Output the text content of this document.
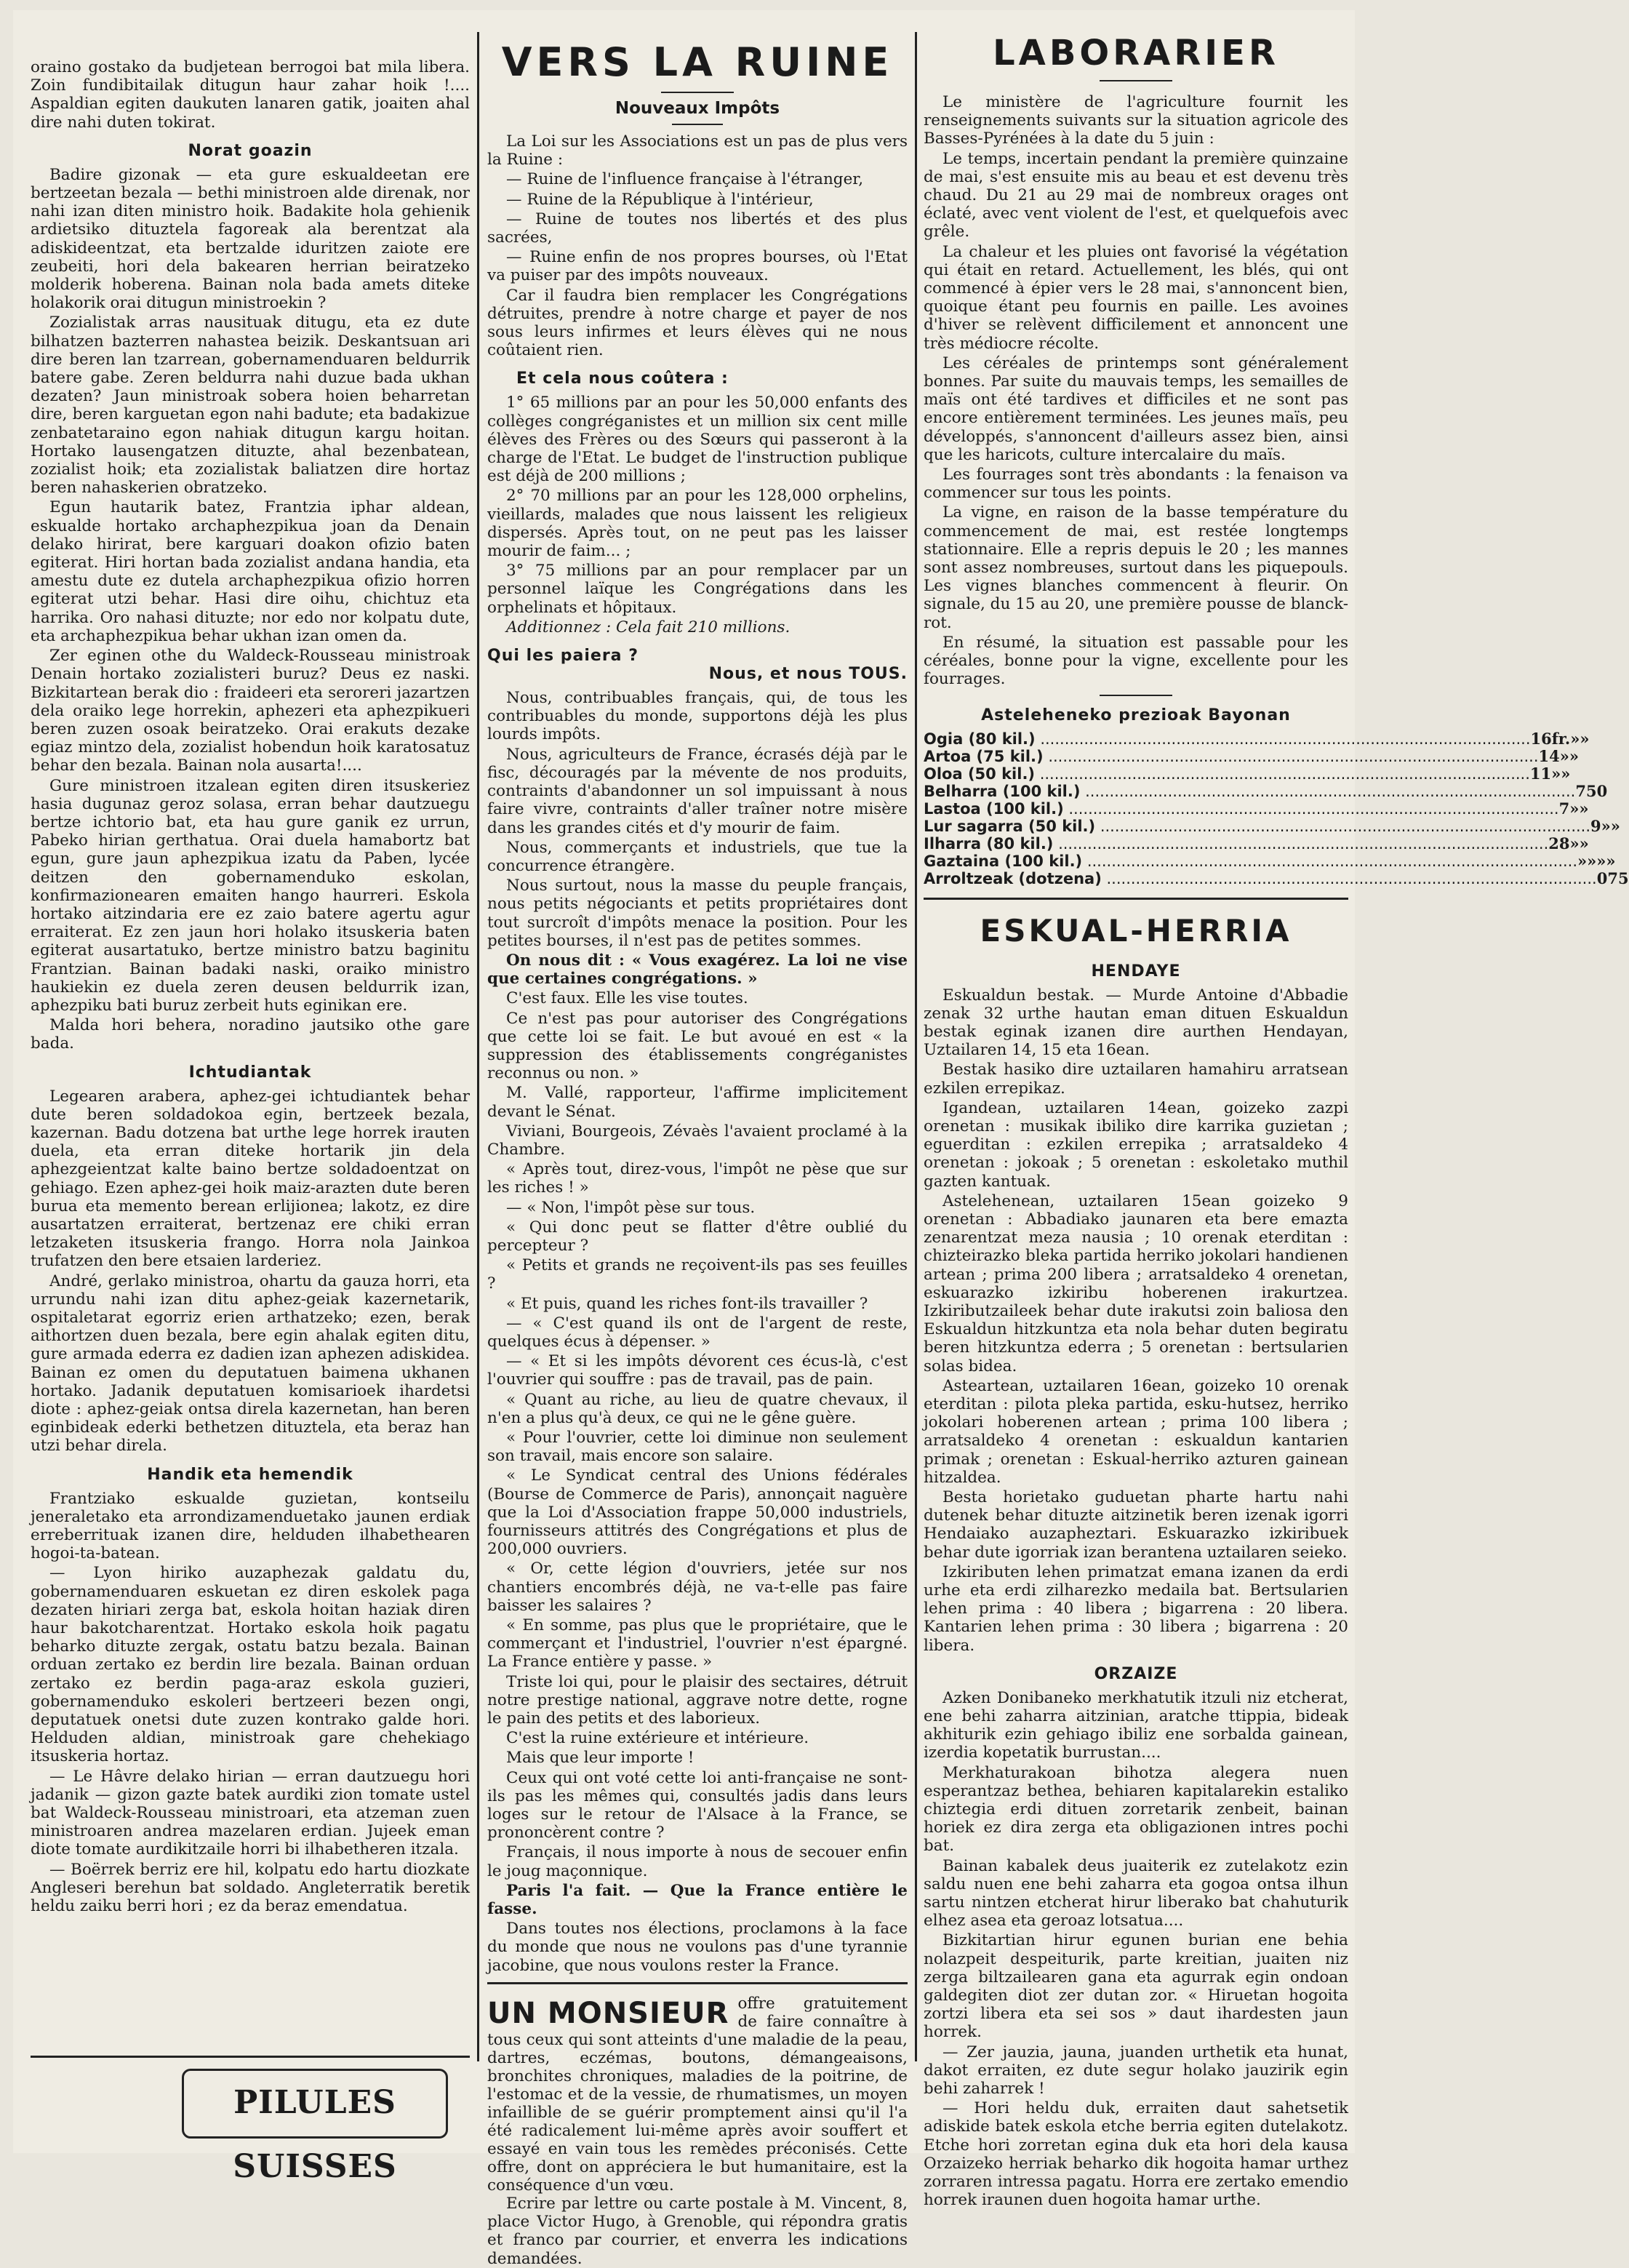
oraino gostako da budjetean berrogoi bat mila libera. Zoin fundibitailak ditugun haur zahar hoik !.... Aspaldian egiten daukuten lanaren gatik, joaiten ahal dire nahi duten tokirat.

Norat goazin

Badire gizonak — eta gure eskualdeetan ere bertzeetan bezala — bethi ministroen alde direnak, nor nahi izan diten ministro hoik. Badakite hola gehienik ardietsiko dituztela fagoreak ala berentzat ala adiskideentzat, eta bertzalde iduritzen zaiote ere zeubeiti, hori dela bakearen herrian beiratzeko molderik hoberena. Bainan nola bada amets diteke holakorik orai ditugun ministroekin ?

Zozialistak arras nausituak ditugu, eta ez dute bilhatzen bazterren nahastea beizik. Deskantsuan ari dire beren lan tzarrean, gobernamenduaren beldurrik batere gabe. Zeren beldurra nahi duzue bada ukhan dezaten? Jaun ministroak sobera hoien beharretan dire, beren karguetan egon nahi badute; eta badakizue zenbatetaraino egon nahiak ditugun kargu hoitan. Hortako lausengatzen dituzte, ahal bezenbatean, zozialist hoik; eta zozialistak baliatzen dire hortaz beren nahaskerien obratzeko.

Egun hautarik batez, Frantzia iphar aldean, eskualde hortako archaphezpikua joan da Denain delako hirirat, bere karguari doakon ofizio baten egiterat. Hiri hortan bada zozialist andana handia, eta amestu dute ez dutela archaphezpikua ofizio horren egiterat utzi behar. Hasi dire oihu, chichtuz eta harrika. Oro nahasi dituzte; nor edo nor kolpatu dute, eta archaphezpikua behar ukhan izan omen da.

Zer eginen othe du Waldeck-Rousseau ministroak Denain hortako zozialisteri buruz? Deus ez naski. Bizkitartean berak dio : fraideeri eta seroreri jazartzen dela oraiko lege horrekin, aphezeri eta aphezpikueri beren zuzen osoak beiratzeko. Orai erakuts dezake egiaz mintzo dela, zozialist hobendun hoik karatosatuz behar den bezala. Bainan nola ausarta!....

Gure ministroen itzalean egiten diren itsuskeriez hasia dugunaz geroz solasa, erran behar dautzuegu bertze ichtorio bat, eta hau gure ganik ez urrun, Pabeko hirian gerthatua. Orai duela hamabortz bat egun, gure jaun aphezpikua izatu da Paben, lycée deitzen den gobernamenduko eskolan, konfirmazionearen emaiten hango haurreri. Eskola hortako aitzindaria ere ez zaio batere agertu agur erraiterat. Ez zen jaun hori holako itsuskeria baten egiterat ausartatuko, bertze ministro batzu baginitu Frantzian. Bainan badaki naski, oraiko ministro haukiekin ez duela zeren deusen beldurrik izan, aphezpiku bati buruz zerbeit huts eginikan ere.

Malda hori behera, noradino jautsiko othe gare bada.

Ichtudiantak

Legearen arabera, aphez-gei ichtudiantek behar dute beren soldadokoa egin, bertzeek bezala, kazernan. Badu dotzena bat urthe lege horrek irauten duela, eta erran diteke hortarik jin dela aphezgeientzat kalte baino bertze soldadoentzat on gehiago. Ezen aphez-gei hoik maiz-arazten dute beren burua eta memento berean erlijionea; lakotz, ez dire ausartatzen erraiterat, bertzenaz ere chiki erran letzaketen itsuskeria frango. Horra nola Jainkoa trufatzen den bere etsaien larderiez.

André, gerlako ministroa, ohartu da gauza horri, eta urrundu nahi izan ditu aphez-geiak kazernetarik, ospitaletarat egorriz erien arthatzeko; ezen, berak aithortzen duen bezala, bere egin ahalak egiten ditu, gure armada ederra ez dadien izan aphezen adiskidea. Bainan ez omen du deputatuen baimena ukhanen hortako. Jadanik deputatuen komisarioek ihardetsi diote : aphez-geiak ontsa direla kazernetan, han beren eginbideak ederki bethetzen dituztela, eta beraz han utzi behar direla.

Handik eta hemendik

Frantziako eskualde guzietan, kontseilu jeneraletako eta arrondizamenduetako jaunen erdiak erreberrituak izanen dire, helduden ilhabethearen hogoi-ta-batean.

— Lyon hiriko auzaphezak galdatu du, gobernamenduaren eskuetan ez diren eskolek paga dezaten hiriari zerga bat, eskola hoitan haziak diren haur bakotcharentzat. Hortako eskola hoik pagatu beharko dituzte zergak, ostatu batzu bezala. Bainan orduan zertako ez berdin lire bezala. Bainan orduan zertako ez berdin paga-araz eskola guzieri, gobernamenduko eskoleri bertzeeri bezen ongi, deputatuek onetsi dute zuzen kontrako galde hori. Helduden aldian, ministroak gare chehekiago itsuskeria hortaz.

— Le Hâvre delako hirian — erran dautzuegu hori jadanik — gizon gazte batek aurdiki zion tomate ustel bat Waldeck-Rousseau ministroari, eta atzeman zuen ministroaren andrea mazelaren erdian. Jujeek eman diote tomate aurdikitzaile horri bi ilhabetheren itzala.

— Boërrek berriz ere hil, kolpatu edo hartu diozkate Angleseri berehun bat soldado. Angleterratik beretik heldu zaiku berri hori ; ez da beraz emendatua.

PILULES SUISSES
VERS LA RUINE
Nouveaux Impôts

La Loi sur les Associations est un pas de plus vers la Ruine :

— Ruine de l'influence française à l'étranger,

— Ruine de la République à l'intérieur,

— Ruine de toutes nos libertés et des plus sacrées,

— Ruine enfin de nos propres bourses, où l'Etat va puiser par des impôts nouveaux.

Car il faudra bien remplacer les Congrégations détruites, prendre à notre charge et payer de nos sous leurs infirmes et leurs élèves qui ne nous coûtaient rien.

Et cela nous coûtera :

1° 65 millions par an pour les 50,000 enfants des collèges congréganistes et un million six cent mille élèves des Frères ou des Sœurs qui passeront à la charge de l'Etat. Le budget de l'instruction publique est déjà de 200 millions ;

2° 70 millions par an pour les 128,000 orphelins, vieillards, malades que nous laissent les religieux dispersés. Après tout, on ne peut pas les laisser mourir de faim... ;

3° 75 millions par an pour remplacer par un personnel laïque les Congrégations dans les orphelinats et hôpitaux.

Additionnez : Cela fait 210 millions.

Qui les paiera ?
Nous, et nous TOUS.

Nous, contribuables français, qui, de tous les contribuables du monde, supportons déjà les plus lourds impôts.

Nous, agriculteurs de France, écrasés déjà par le fisc, découragés par la mévente de nos produits, contraints d'abandonner un sol impuissant à nous faire vivre, contraints d'aller traîner notre misère dans les grandes cités et d'y mourir de faim.

Nous, commerçants et industriels, que tue la concurrence étrangère.

Nous surtout, nous la masse du peuple français, nous petits négociants et petits propriétaires dont tout surcroît d'impôts menace la position. Pour les petites bourses, il n'est pas de petites sommes.

On nous dit : « Vous exagérez. La loi ne vise que certaines congrégations. »

C'est faux. Elle les vise toutes.

Ce n'est pas pour autoriser des Congrégations que cette loi se fait. Le but avoué en est « la suppression des établissements congréganistes reconnus ou non. »

M. Vallé, rapporteur, l'affirme implicitement devant le Sénat.

Viviani, Bourgeois, Zévaès l'avaient proclamé à la Chambre.

« Après tout, direz-vous, l'impôt ne pèse que sur les riches ! »

— « Non, l'impôt pèse sur tous.

« Qui donc peut se flatter d'être oublié du percepteur ?

« Petits et grands ne reçoivent-ils pas ses feuilles ?

« Et puis, quand les riches font-ils travailler ?

— « C'est quand ils ont de l'argent de reste, quelques écus à dépenser. »

— « Et si les impôts dévorent ces écus-là, c'est l'ouvrier qui souffre : pas de travail, pas de pain.

« Quant au riche, au lieu de quatre chevaux, il n'en a plus qu'à deux, ce qui ne le gêne guère.

« Pour l'ouvrier, cette loi diminue non seulement son travail, mais encore son salaire.

« Le Syndicat central des Unions fédérales (Bourse de Commerce de Paris), annonçait naguère que la Loi d'Association frappe 50,000 industriels, fournisseurs attitrés des Congrégations et plus de 200,000 ouvriers.

« Or, cette légion d'ouvriers, jetée sur nos chantiers encombrés déjà, ne va-t-elle pas faire baisser les salaires ?

« En somme, pas plus que le propriétaire, que le commerçant et l'industriel, l'ouvrier n'est épargné. La France entière y passe. »

Triste loi qui, pour le plaisir des sectaires, détruit notre prestige national, aggrave notre dette, rogne le pain des petits et des laborieux.

C'est la ruine extérieure et intérieure.

Mais que leur importe !

Ceux qui ont voté cette loi anti-française ne sont-ils pas les mêmes qui, consultés jadis dans leurs loges sur le retour de l'Alsace à la France, se prononcèrent contre ?

Français, il nous importe à nous de secouer enfin le joug maçonnique.

Paris l'a fait. — Que la France entière le fasse.

Dans toutes nos élections, proclamons à la face du monde que nous ne voulons pas d'une tyrannie jacobine, que nous voulons rester la France.

UN MONSIEUR offre gratuitement de faire connaître à tous ceux qui sont atteints d'une maladie de la peau, dartres, eczémas, boutons, démangeaisons, bronchites chroniques, maladies de la poitrine, de l'estomac et de la vessie, de rhumatismes, un moyen infaillible de se guérir promptement ainsi qu'il l'a été radicalement lui-même après avoir souffert et essayé en vain tous les remèdes préconisés. Cette offre, dont on appréciera le but humanitaire, est la conséquence d'un vœu.

Ecrire par lettre ou carte postale à M. Vincent, 8, place Victor Hugo, à Grenoble, qui répondra gratis et franco par courrier, et enverra les indications demandées.

LABORARIER

Le ministère de l'agriculture fournit les renseignements suivants sur la situation agricole des Basses-Pyrénées à la date du 5 juin :

Le temps, incertain pendant la première quinzaine de mai, s'est ensuite mis au beau et est devenu très chaud. Du 21 au 29 mai de nombreux orages ont éclaté, avec vent violent de l'est, et quelquefois avec grêle.

La chaleur et les pluies ont favorisé la végétation qui était en retard. Actuellement, les blés, qui ont commencé à épier vers le 28 mai, s'annoncent bien, quoique étant peu fournis en paille. Les avoines d'hiver se relèvent difficilement et annoncent une très médiocre récolte.

Les céréales de printemps sont généralement bonnes. Par suite du mauvais temps, les semailles de maïs ont été tardives et difficiles et ne sont pas encore entièrement terminées. Les jeunes maïs, peu développés, s'annoncent d'ailleurs assez bien, ainsi que les haricots, culture intercalaire du maïs.

Les fourrages sont très abondants : la fenaison va commencer sur tous les points.

La vigne, en raison de la basse température du commencement de mai, est restée longtemps stationnaire. Elle a repris depuis le 20 ; les mannes sont assez nombreuses, surtout dans les piquepouls. Les vignes blanches commencent à fleurir. On signale, du 15 au 20, une première pousse de blanck-rot.

En résumé, la situation est passable pour les céréales, bonne pour la vigne, excellente pour les fourrages.

Asteleheneko prezioak Bayonan
Ogia (80 kil.) .....	16 fr.»»
Artoa (75 kil.) .....	14 »»
Oloa (50 kil.) .....	11 »»
Belharra (100 kil.) .....	7 50
Lastoa (100 kil.) .....	7 »»
Lur sagarra (50 kil.) .....	9 »»
Ilharra (80 kil.) .....	28 »»
Gaztaina (100 kil.) .....	»» »»
Arroltzeak (dotzena) .....	0 75
ESKUAL-HERRIA
HENDAYE

Eskualdun bestak. — Murde Antoine d'Abbadie zenak 32 urthe hautan eman dituen Eskualdun bestak eginak izanen dire aurthen Hendayan, Uztailaren 14, 15 eta 16ean.

Bestak hasiko dire uztailaren hamahiru arratsean ezkilen errepikaz.

Igandean, uztailaren 14ean, goizeko zazpi orenetan : musikak ibiliko dire karrika guzietan ; eguerditan : ezkilen errepika ; arratsaldeko 4 orenetan : jokoak ; 5 orenetan : eskoletako muthil gazten kantuak.

Astelehenean, uztailaren 15ean goizeko 9 orenetan : Abbadiako jaunaren eta bere emazta zenarentzat meza nausia ; 10 orenak eterditan : chizteirazko bleka partida herriko jokolari handienen artean ; prima 200 libera ; arratsaldeko 4 orenetan, eskuarazko izkiribu hoberenen irakurtzea. Izkiributzaileek behar dute irakutsi zoin baliosa den Eskualdun hitzkuntza eta nola behar duten begiratu beren hitzkuntza ederra ; 5 orenetan : bertsularien solas bidea.

Asteartean, uztailaren 16ean, goizeko 10 orenak eterditan : pilota pleka partida, esku-hutsez, herriko jokolari hoberenen artean ; prima 100 libera ; arratsaldeko 4 orenetan : eskualdun kantarien primak ; orenetan : Eskual-herriko azturen gainean hitzaldea.

Besta horietako guduetan pharte hartu nahi dutenek behar dituzte aitzinetik beren izenak igorri Hendaiako auzapheztari. Eskuarazko izkiribuek behar dute igorriak izan berantena uztailaren seieko.

Izkiributen lehen primatzat emana izanen da erdi urhe eta erdi zilharezko medaila bat. Bertsularien lehen prima : 40 libera ; bigarrena : 20 libera. Kantarien lehen prima : 30 libera ; bigarrena : 20 libera.

ORZAIZE

Azken Donibaneko merkhatutik itzuli niz etcherat, ene behi zaharra aitzinian, aratche ttippia, bideak akhiturik ezin gehiago ibiliz ene sorbalda gainean, izerdia kopetatik burrustan....

Merkhaturakoan bihotza alegera nuen esperantzaz bethea, behiaren kapitalarekin estaliko chiztegia erdi dituen zorretarik zenbeit, bainan horiek ez dira zerga eta obligazionen intres pochi bat.

Bainan kabalek deus juaiterik ez zutelakotz ezin saldu nuen ene behi zaharra eta gogoa ontsa ilhun sartu nintzen etcherat hirur liberako bat chahuturik elhez asea eta geroaz lotsatua....

Bizkitartian hirur egunen burian ene behia nolazpeit despeiturik, parte kreitian, juaiten niz zerga biltzailearen gana eta agurrak egin ondoan galdegiten diot zer dutan zor. « Hiruetan hogoita zortzi libera eta sei sos » daut ihardesten jaun horrek.

— Zer jauzia, jauna, juanden urthetik eta hunat, dakot erraiten, ez dute segur holako jauzirik egin behi zaharrek !

— Hori heldu duk, erraiten daut sahetsetik adiskide batek eskola etche berria egiten dutelakotz. Etche hori zorretan egina duk eta hori dela kausa Orzaizeko herriak beharko dik hogoita hamar urthez zorraren intressa pagatu. Horra ere zertako emendio horrek iraunen duen hogoita hamar urthe.
